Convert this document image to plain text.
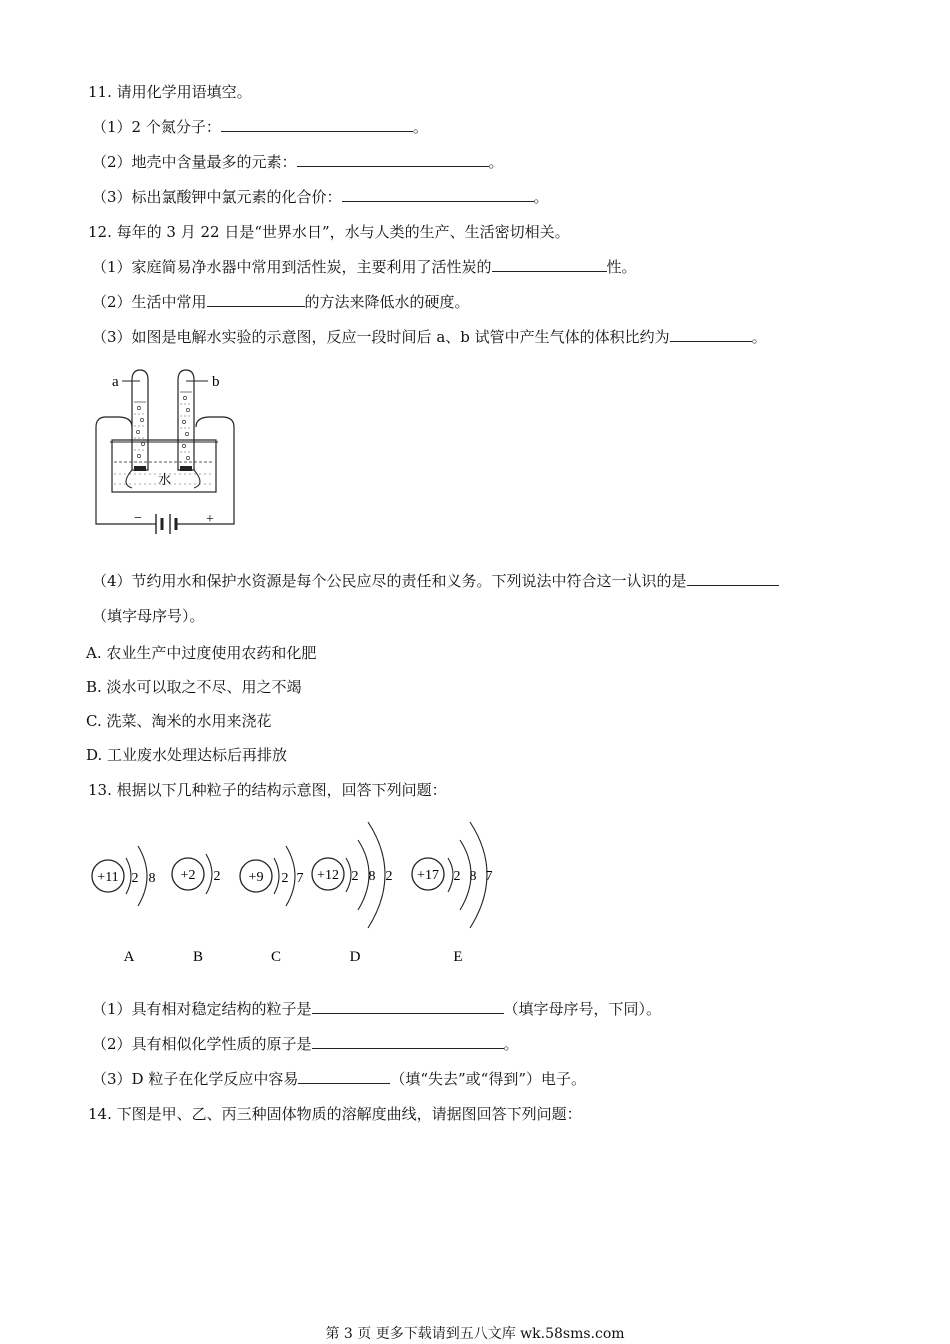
11. 请用化学用语填空。
（1）2 个氮分子：	。
（2）地壳中含量最多的元素：	。
（3）标出氯酸钾中氯元素的化合价：	。
12. 每年的 3 月 22 日是“世界水日”，水与人类的生产、生活密切相关。
（1）家庭简易净水器中常用到活性炭，主要利用了活性炭的	性。
（2）生活中常用	的方法来降低水的硬度。
（3）如图是电解水实验的示意图，反应一段时间后 a、b 试管中产生气体的体积比约为	。
−	+
水
a	b
（4）节约用水和保护水资源是每个公民应尽的责任和义务。下列说法中符合这一认识的是
（填字母序号）。
A. 农业生产中过度使用农药和化肥
B. 淡水可以取之不尽、用之不竭
C. 洗菜、淘米的水用来浇花
D. 工业废水处理达标后再排放
13. 根据以下几种粒子的结构示意图，回答下列问题：
+11 2 8
A
+2 2
B
+9 2 7
C
+12 2 8 2
D
+17 2 8 7
E
（1）具有相对稳定结构的粒子是	（填字母序号，下同）。
（2）具有相似化学性质的原子是	。
（3）D 粒子在化学反应中容易	（填“失去”或“得到”）电子。
14. 下图是甲、乙、丙三种固体物质的溶解度曲线，请据图回答下列问题：
第 3 页 更多下载请到五八文库 wk.58sms.com
